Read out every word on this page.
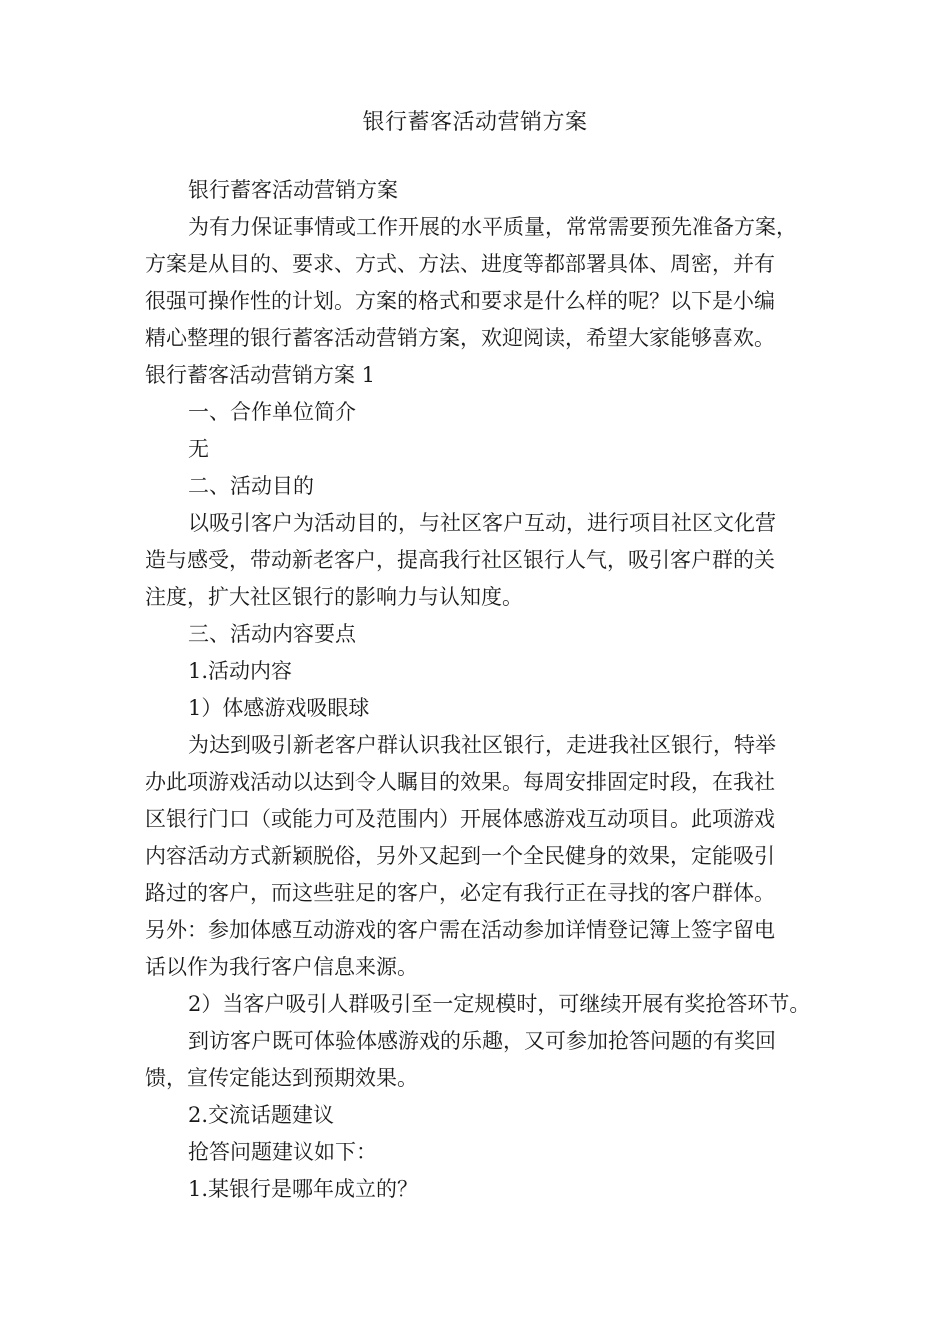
银行蓄客活动营销方案

银行蓄客活动营销方案

为有力保证事情或工作开展的水平质量，常常需要预先准备方案，

方案是从目的、要求、方式、方法、进度等都部署具体、周密，并有

很强可操作性的计划。方案的格式和要求是什么样的呢？以下是小编

精心整理的银行蓄客活动营销方案，欢迎阅读，希望大家能够喜欢。

银行蓄客活动营销方案 1

一、合作单位简介

无

二、活动目的

以吸引客户为活动目的，与社区客户互动，进行项目社区文化营

造与感受，带动新老客户，提高我行社区银行人气，吸引客户群的关

注度，扩大社区银行的影响力与认知度。

三、活动内容要点

1.活动内容

1）体感游戏吸眼球

为达到吸引新老客户群认识我社区银行，走进我社区银行，特举

办此项游戏活动以达到令人瞩目的效果。每周安排固定时段，在我社

区银行门口（或能力可及范围内）开展体感游戏互动项目。此项游戏

内容活动方式新颖脱俗，另外又起到一个全民健身的效果，定能吸引

路过的客户，而这些驻足的客户，必定有我行正在寻找的客户群体。

另外：参加体感互动游戏的客户需在活动参加详情登记簿上签字留电

话以作为我行客户信息来源。

2）当客户吸引人群吸引至一定规模时，可继续开展有奖抢答环节。

到访客户既可体验体感游戏的乐趣，又可参加抢答问题的有奖回

馈，宣传定能达到预期效果。

2.交流话题建议

抢答问题建议如下：

1.某银行是哪年成立的？
